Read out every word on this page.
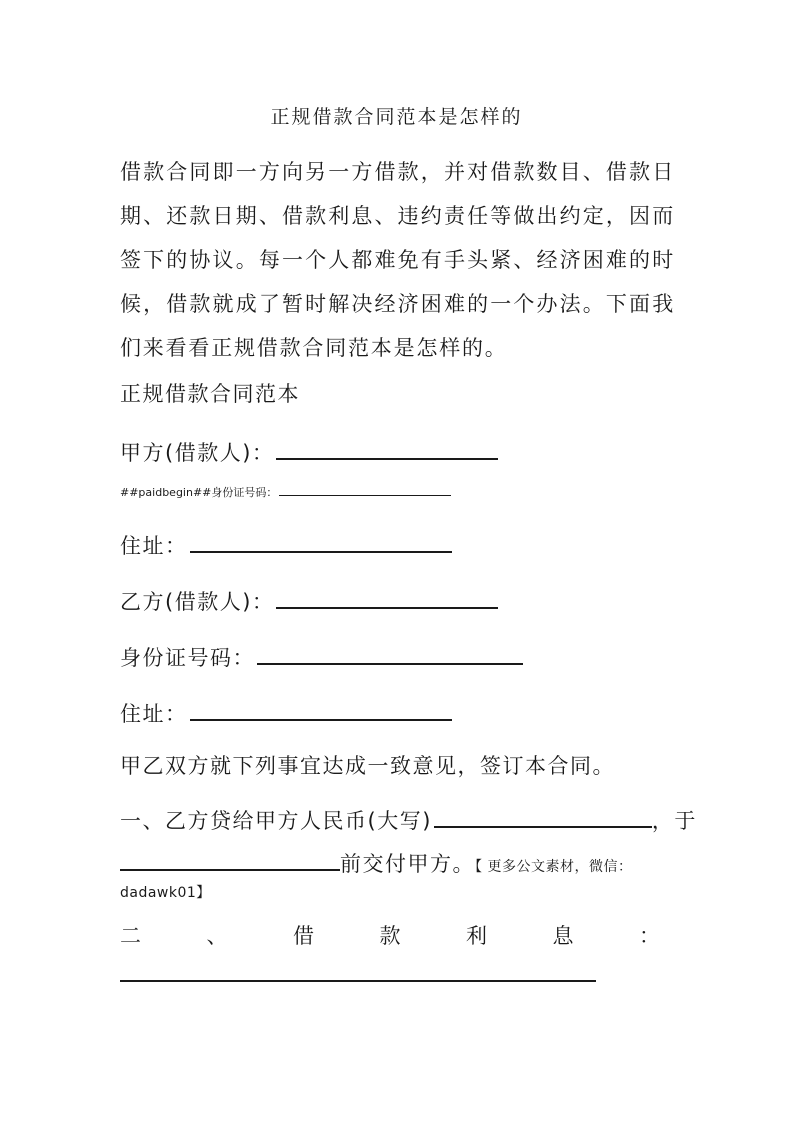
正规借款合同范本是怎样的
借款合同即一方向另一方借款，并对借款数目、借款日期、还款日期、借款利息、违约责任等做出约定，因而签下的协议。每一个人都难免有手头紧、经济困难的时候，借款就成了暂时解决经济困难的一个办法。下面我们来看看正规借款合同范本是怎样的。
正规借款合同范本
甲方(借款人)：
##paidbegin##身份证号码：
住址：
乙方(借款人)：
身份证号码：
住址：
甲乙双方就下列事宜达成一致意见，签订本合同。
一、乙方贷给甲方人民币(大写)	，于
前交付甲方。【 更多公文素材，微信：
dadawk01】
二	、	借	款	利	息	：
